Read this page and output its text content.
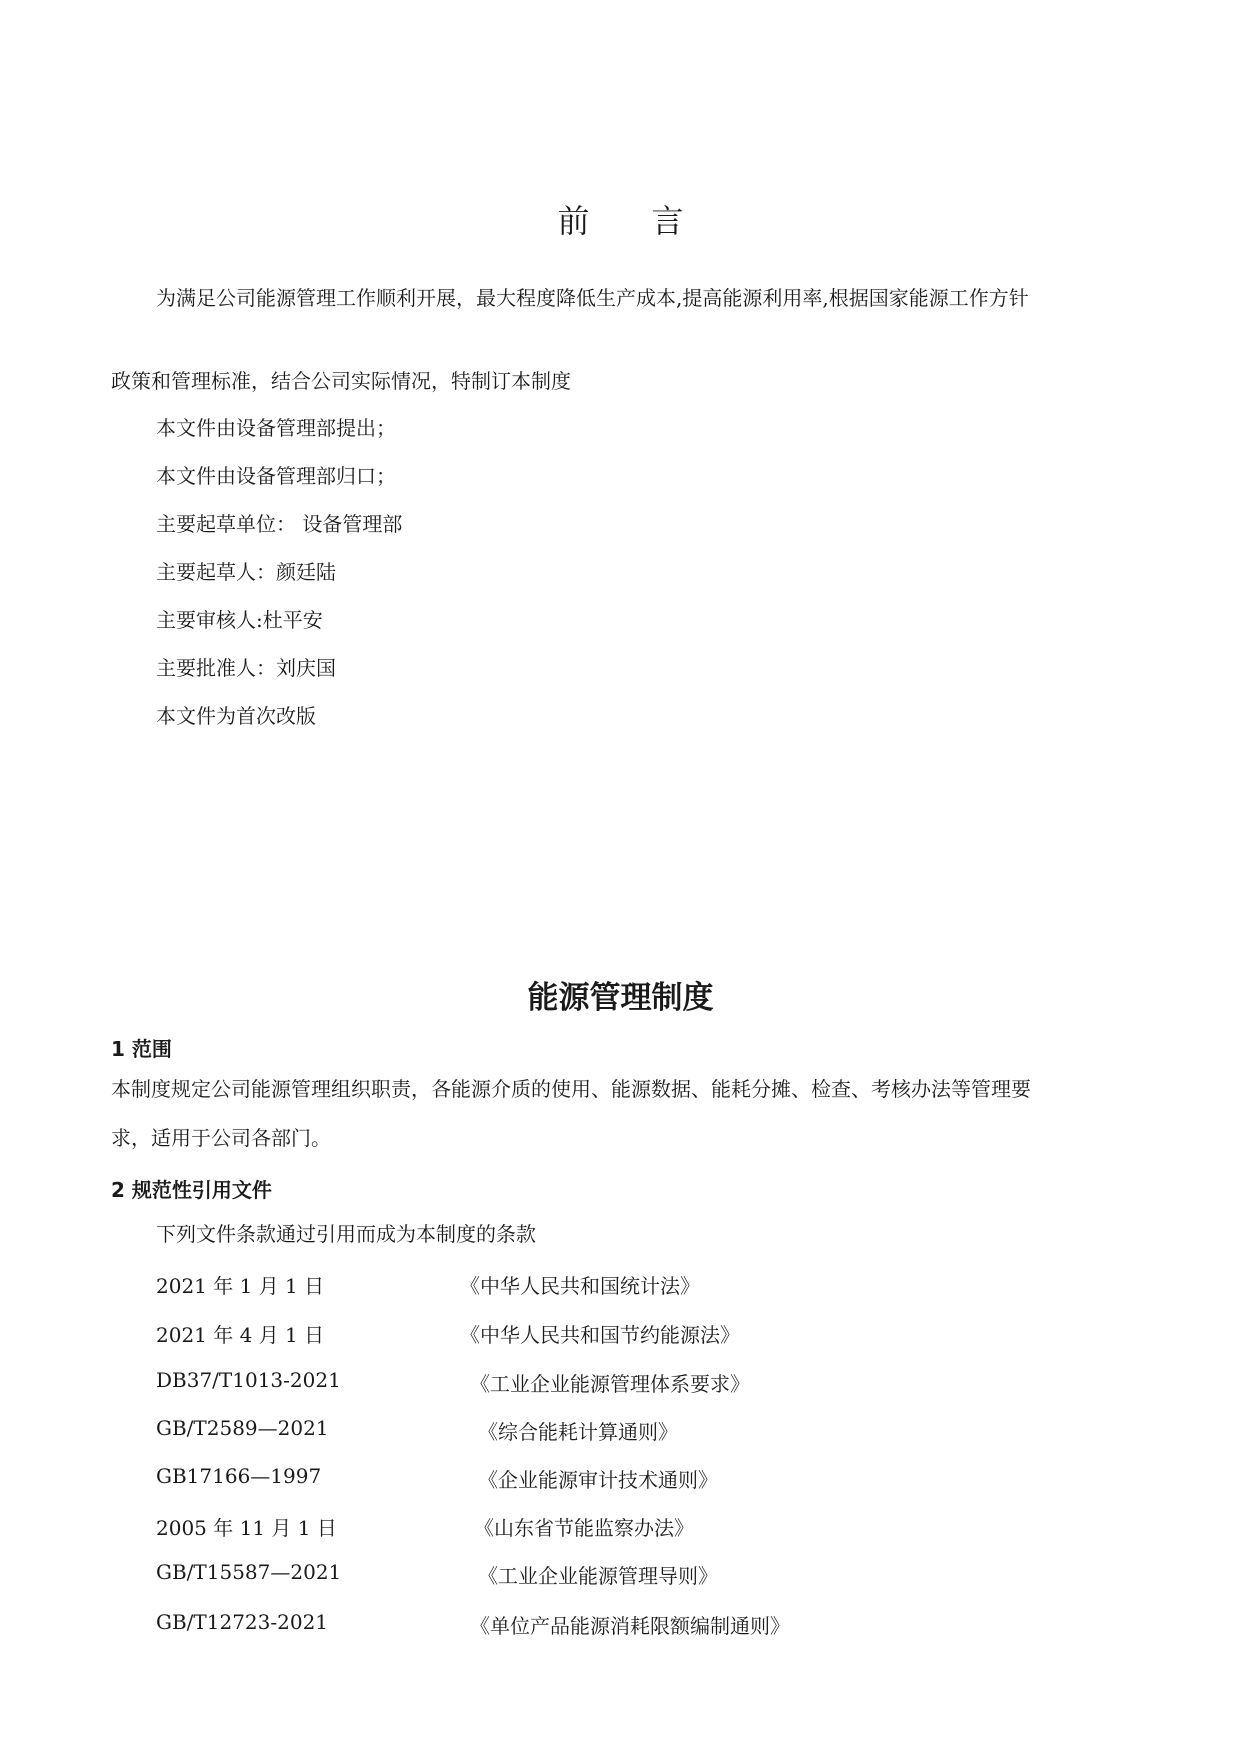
前言
为满足公司能源管理工作顺利开展，最大程度降低生产成本,提高能源利用率,根据国家能源工作方针
政策和管理标准，结合公司实际情况，特制订本制度
本文件由设备管理部提出；
本文件由设备管理部归口；
主要起草单位： 设备管理部
主要起草人：颜廷陆
主要审核人:杜平安
主要批准人：刘庆国
本文件为首次改版
能源管理制度
1 范围
本制度规定公司能源管理组织职责，各能源介质的使用、能源数据、能耗分摊、检查、考核办法等管理要
求，适用于公司各部门。
2 规范性引用文件
下列文件条款通过引用而成为本制度的条款
2021 年 1 月 1 日	《中华人民共和国统计法》
2021 年 4 月 1 日	《中华人民共和国节约能源法》
DB37/T1013-2021	《工业企业能源管理体系要求》
GB/T2589—2021	《综合能耗计算通则》
GB17166—1997	《企业能源审计技术通则》
2005 年 11 月 1 日	《山东省节能监察办法》
GB/T15587—2021	《工业企业能源管理导则》
GB/T12723-2021	《单位产品能源消耗限额编制通则》
